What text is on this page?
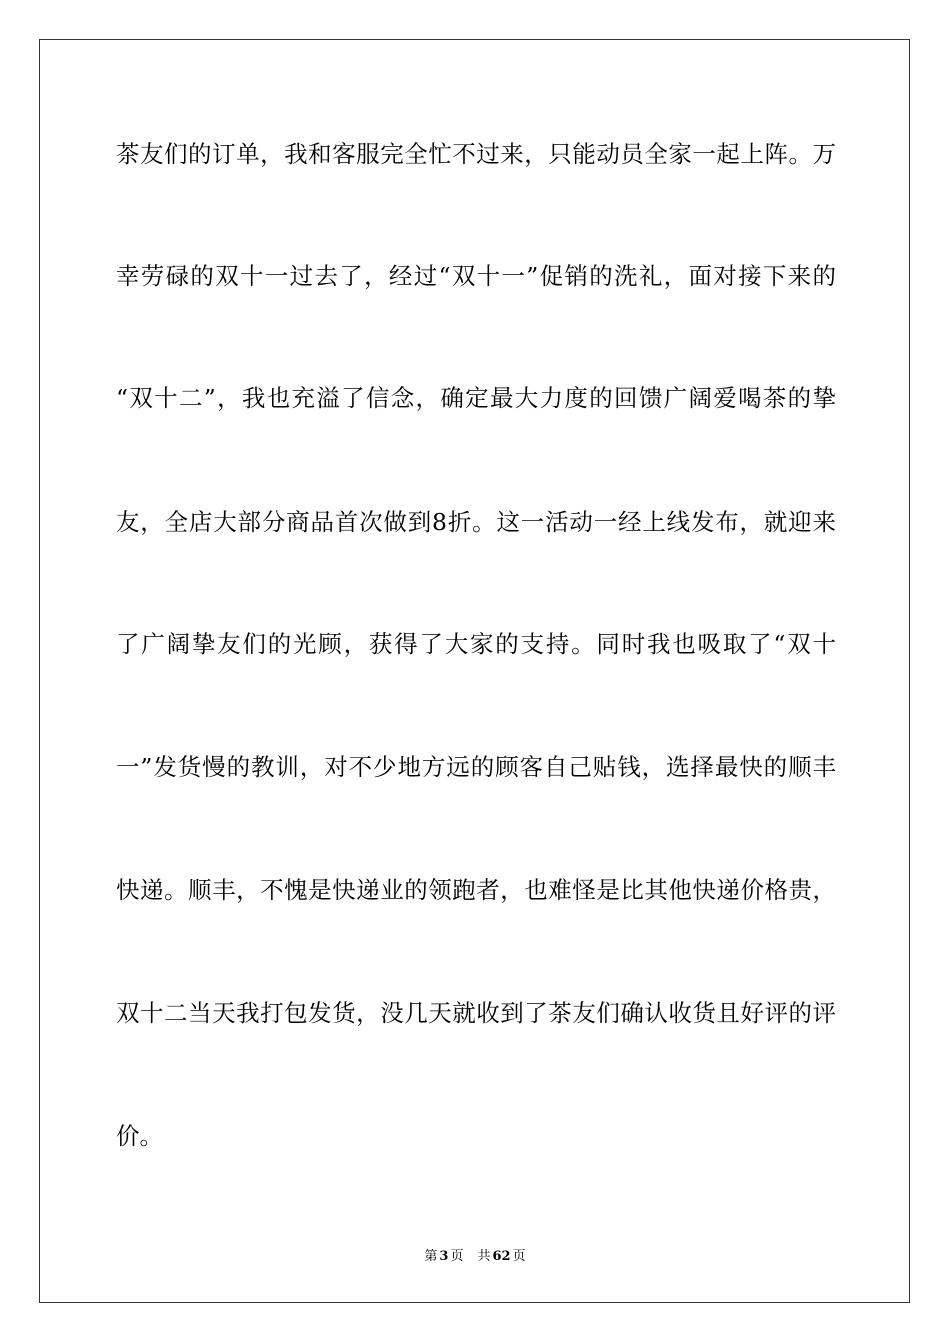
茶友们的订单，我和客服完全忙不过来，只能动员全家一起上阵。万
幸劳碌的双十一过去了，经过“双十一”促销的洗礼，面对接下来的
“双十二”，我也充溢了信念，确定最大力度的回馈广阔爱喝茶的挚
友，全店大部分商品首次做到8折。这一活动一经上线发布，就迎来
了广阔挚友们的光顾，获得了大家的支持。同时我也吸取了“双十
一”发货慢的教训，对不少地方远的顾客自己贴钱，选择最快的顺丰
快递。顺丰，不愧是快递业的领跑者，也难怪是比其他快递价格贵，
双十二当天我打包发货，没几天就收到了茶友们确认收货且好评的评
价。
第 3 页 共 62 页
